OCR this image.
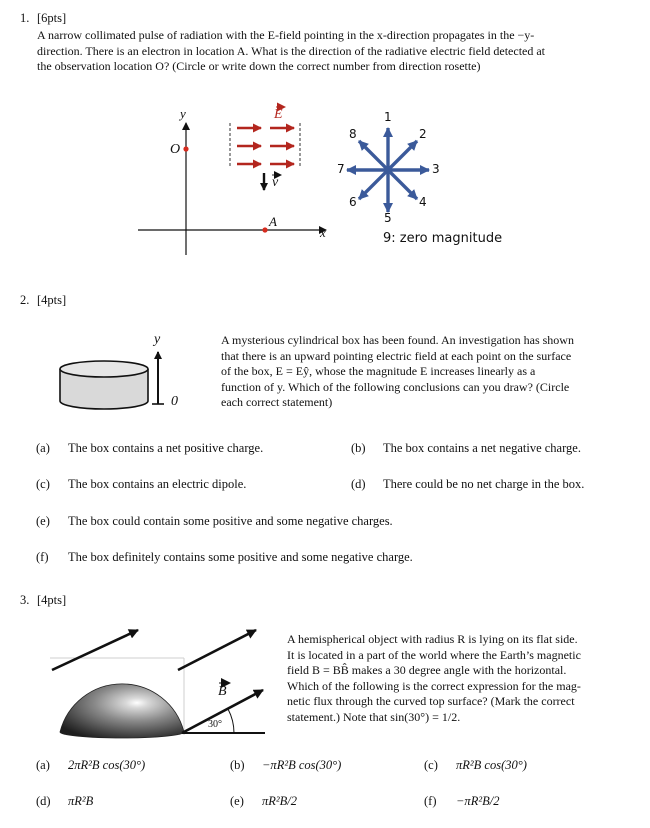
1. [6pts]
A narrow collimated pulse of radiation with the E-field pointing in the x-direction propagates in the −y-
direction. There is an electron in location A. What is the direction of the radiative electric field detected at
the observation location O? (Circle or write down the correct number from direction rosette)
y
x
O
A
E
v
1
2
3
4
5
6
7
8
9: zero magnitude
2. [4pts]
y
0
A mysterious cylindrical box has been found. An investigation has shown
that there is an upward pointing electric field at each point on the surface
of the box, E = Eŷ, whose the magnitude E increases linearly as a
function of y. Which of the following conclusions can you draw? (Circle
each correct statement)
(a) The box contains a net positive charge.	(b) The box contains a net negative charge.
(c) The box contains an electric dipole.	(d) There could be no net charge in the box.
(e) The box could contain some positive and some negative charges.
(f) The box definitely contains some positive and some negative charge.
3. [4pts]
B
30°
A hemispherical object with radius R is lying on its flat side.
It is located in a part of the world where the Earth’s magnetic
field B = BB̂ makes a 30 degree angle with the horizontal.
Which of the following is the correct expression for the mag-
netic flux through the curved top surface? (Mark the correct
statement.) Note that sin(30°) = 1/2.
(a) 2πR²B cos(30°)	(b) −πR²B cos(30°)	(c) πR²B cos(30°)
(d) πR²B	(e) πR²B/2	(f) −πR²B/2
